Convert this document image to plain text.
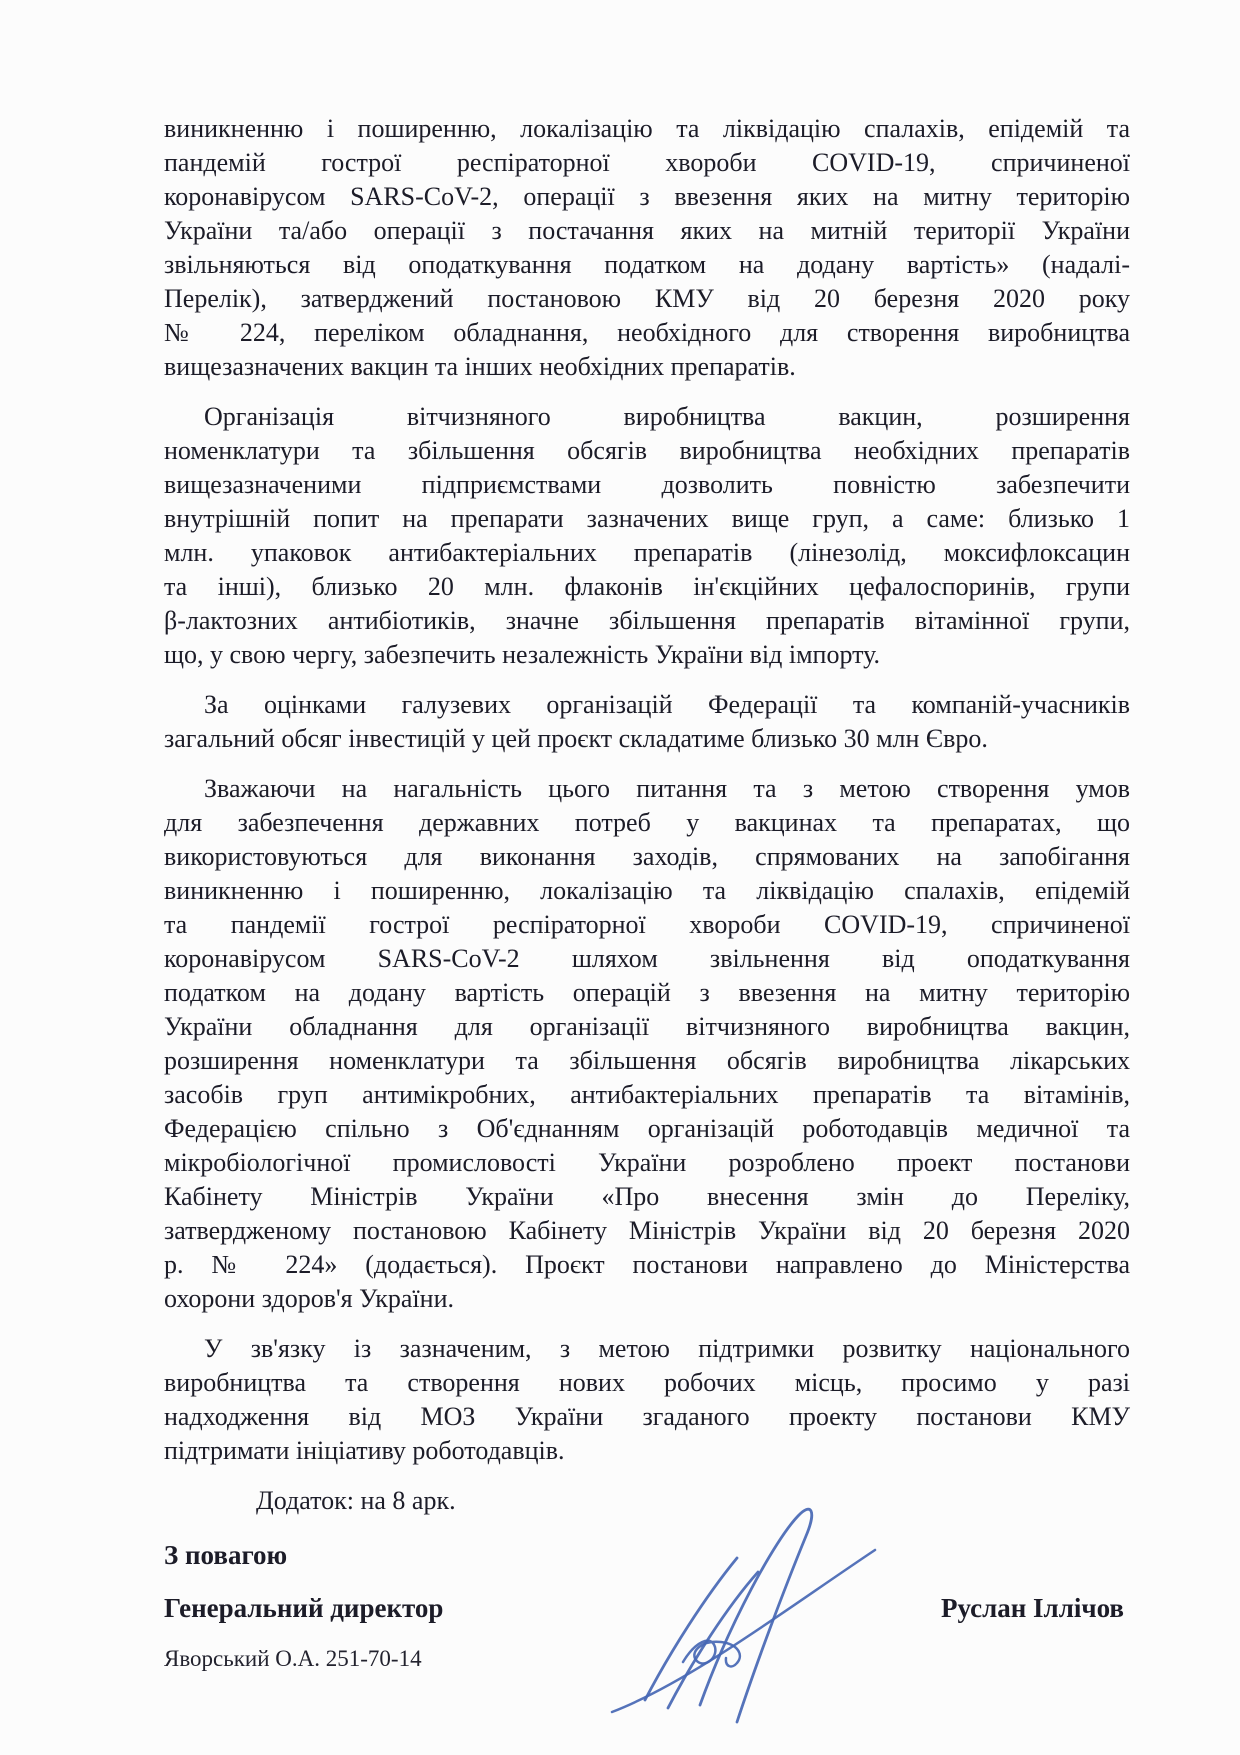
виникненню і поширенню, локалізацію та ліквідацію спалахів, епідемій та
пандемій гострої респіраторної хвороби COVID-19, спричиненої
коронавірусом SARS-CoV-2, операції з ввезення яких на митну територію
України та/або операції з постачання яких на митній території України
звільняються від оподаткування податком на додану вартість» (надалі-
Перелік), затверджений постановою КМУ від 20 березня 2020 року
№ 224, переліком обладнання, необхідного для створення виробництва
вищезазначених вакцин та інших необхідних препаратів.
Організація вітчизняного виробництва вакцин, розширення
номенклатури та збільшення обсягів виробництва необхідних препаратів
вищезазначеними підприємствами дозволить повністю забезпечити
внутрішній попит на препарати зазначених вище груп, а саме: близько 1
млн. упаковок антибактеріальних препаратів (лінезолід, моксифлоксацин
та інші), близько 20 млн. флаконів ін'єкційних цефалоспоринів, групи
β-лактозних антибіотиків, значне збільшення препаратів вітамінної групи,
що, у свою чергу, забезпечить незалежність України від імпорту.
За оцінками галузевих організацій Федерації та компаній-учасників
загальний обсяг інвестицій у цей проєкт складатиме близько 30 млн Євро.
Зважаючи на нагальність цього питання та з метою створення умов
для забезпечення державних потреб у вакцинах та препаратах, що
використовуються для виконання заходів, спрямованих на запобігання
виникненню і поширенню, локалізацію та ліквідацію спалахів, епідемій
та пандемії гострої респіраторної хвороби COVID-19, спричиненої
коронавірусом SARS-CoV-2 шляхом звільнення від оподаткування
податком на додану вартість операцій з ввезення на митну територію
України обладнання для організації вітчизняного виробництва вакцин,
розширення номенклатури та збільшення обсягів виробництва лікарських
засобів груп антимікробних, антибактеріальних препаратів та вітамінів,
Федерацією спільно з Об'єднанням організацій роботодавців медичної та
мікробіологічної промисловості України розроблено проект постанови
Кабінету Міністрів України «Про внесення змін до Переліку,
затвердженому постановою Кабінету Міністрів України від 20 березня 2020
р. № 224» (додається). Проєкт постанови направлено до Міністерства
охорони здоров'я України.
У зв'язку із зазначеним, з метою підтримки розвитку національного
виробництва та створення нових робочих місць, просимо у разі
надходження від МОЗ України згаданого проекту постанови КМУ
підтримати ініціативу роботодавців.
Додаток: на 8 арк.
З повагою
Генеральний директор	Руслан Іллічов
Яворський О.А. 251-70-14
